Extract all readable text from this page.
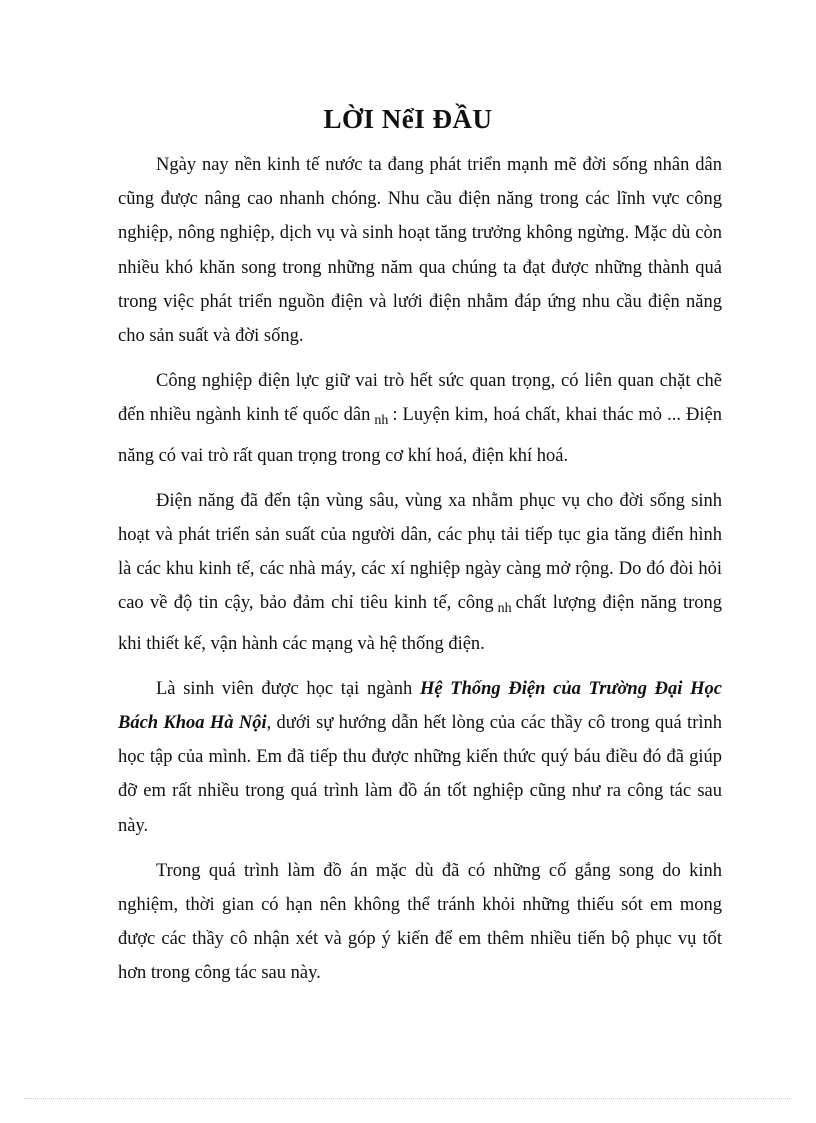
LỜI NểI ĐẦU

Ngày nay nền kinh tế nước ta đang phát triển mạnh mẽ đời sống nhân dân cũng được nâng cao nhanh chóng. Nhu cầu điện năng trong các lĩnh vực công nghiệp, nông nghiệp, dịch vụ và sinh hoạt tăng trưởng không ngừng. Mặc dù còn nhiều khó khăn song trong những năm qua chúng ta đạt được những thành quả trong việc phát triển nguồn điện và lưới điện nhằm đáp ứng nhu cầu điện năng cho sản suất và đời sống.

Công nghiệp điện lực giữ vai trò hết sức quan trọng, có liên quan chặt chẽ đến nhiều ngành kinh tế quốc dân $_{nh}$ : Luyện kim, hoá chất, khai thác mỏ ... Điện năng có vai trò rất quan trọng trong cơ khí hoá, điện khí hoá.

Điện năng đã đến tận vùng sâu, vùng xa nhằm phục vụ cho đời sống sinh hoạt và phát triển sản suất của người dân, các phụ tải tiếp tục gia tăng điển hình là các khu kinh tế, các nhà máy, các xí nghiệp ngày càng mở rộng. Do đó đòi hỏi cao về độ tin cậy, bảo đảm chỉ tiêu kinh tế, công $_{nh}$ chất lượng điện năng trong khi thiết kế, vận hành các mạng và hệ thống điện.

Là sinh viên được học tại ngành Hệ Thống Điện của Trường Đại Học Bách Khoa Hà Nội, dưới sự hướng dẫn hết lòng của các thầy cô trong quá trình học tập của mình. Em đã tiếp thu được những kiến thức quý báu điều đó đã giúp đỡ em rất nhiều trong quá trình làm đồ án tốt nghiệp cũng như ra công tác sau này.

Trong quá trình làm đồ án mặc dù đã có những cố gắng song do kinh nghiệm, thời gian có hạn nên không thể tránh khỏi những thiếu sót em mong được các thầy cô nhận xét và góp ý kiến để em thêm nhiều tiến bộ phục vụ tốt hơn trong công tác sau này.
